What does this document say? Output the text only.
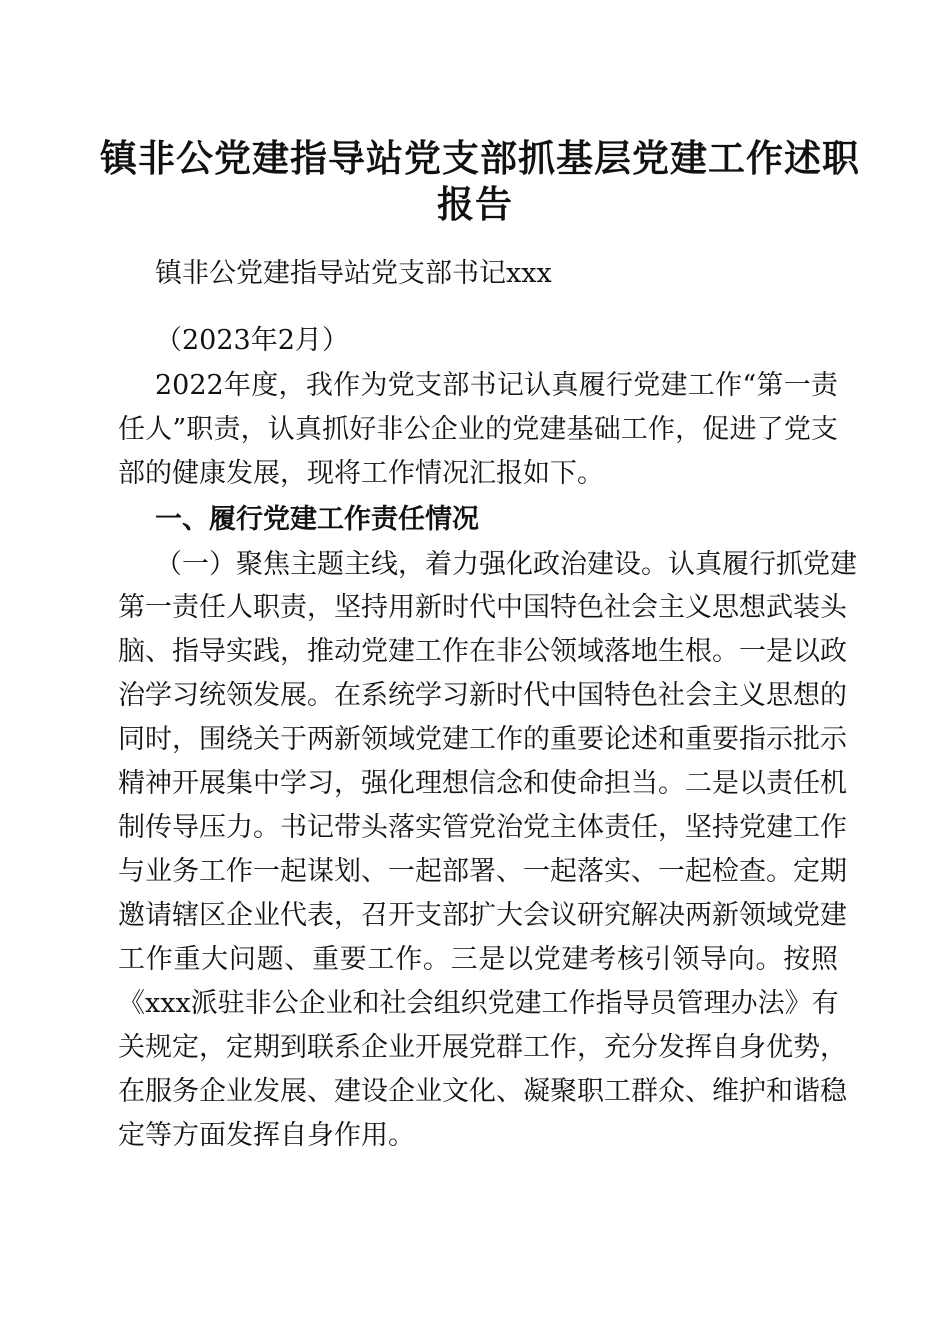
镇非公党建指导站党支部抓基层党建工作述职
报告
镇非公党建指导站党支部书记xxx
（2023年2月）
2022年度，我作为党支部书记认真履行党建工作“第一责
任人”职责，认真抓好非公企业的党建基础工作，促进了党支
部的健康发展，现将工作情况汇报如下。
一、履行党建工作责任情况
（一）聚焦主题主线，着力强化政治建设。认真履行抓党建
第一责任人职责，坚持用新时代中国特色社会主义思想武装头
脑、指导实践，推动党建工作在非公领域落地生根。一是以政
治学习统领发展。在系统学习新时代中国特色社会主义思想的
同时，围绕关于两新领域党建工作的重要论述和重要指示批示
精神开展集中学习，强化理想信念和使命担当。二是以责任机
制传导压力。书记带头落实管党治党主体责任，坚持党建工作
与业务工作一起谋划、一起部署、一起落实、一起检查。定期
邀请辖区企业代表，召开支部扩大会议研究解决两新领域党建
工作重大问题、重要工作。三是以党建考核引领导向。按照
《xxx派驻非公企业和社会组织党建工作指导员管理办法》有
关规定，定期到联系企业开展党群工作，充分发挥自身优势，
在服务企业发展、建设企业文化、凝聚职工群众、维护和谐稳
定等方面发挥自身作用。
